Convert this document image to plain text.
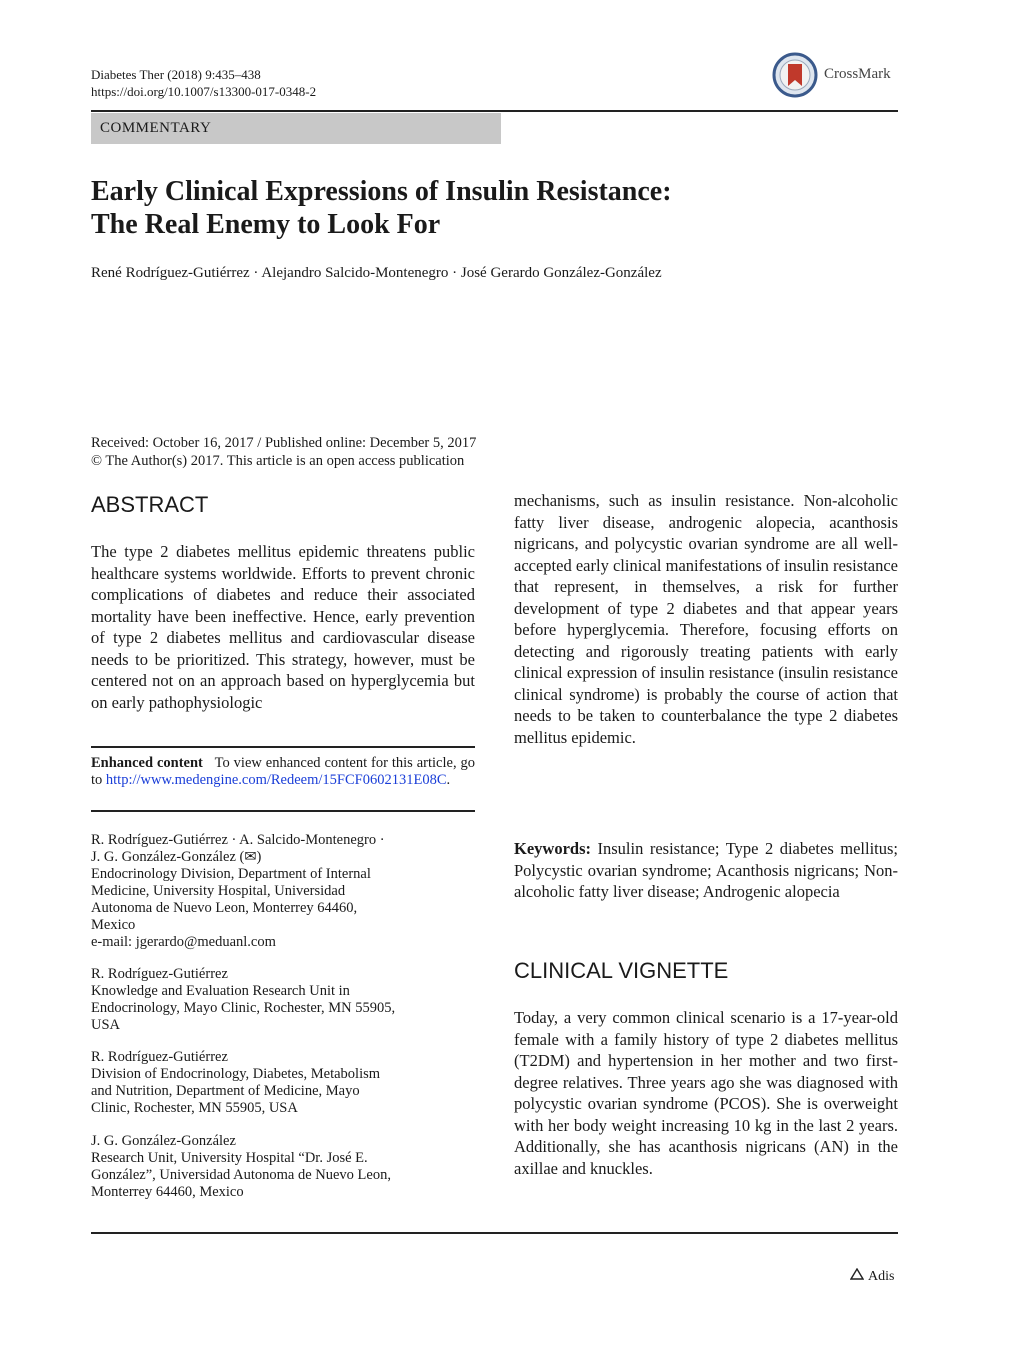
Diabetes Ther (2018) 9:435–438
https://doi.org/10.1007/s13300-017-0348-2
CrossMark
COMMENTARY
Early Clinical Expressions of Insulin Resistance:
The Real Enemy to Look For
René Rodríguez-Gutiérrez · Alejandro Salcido-Montenegro · José Gerardo González-González
Received: October 16, 2017 / Published online: December 5, 2017
© The Author(s) 2017. This article is an open access publication
ABSTRACT

The type 2 diabetes mellitus epidemic threatens public healthcare systems worldwide. Efforts to prevent chronic complications of diabetes and reduce their associated mortality have been ineffective. Hence, early prevention of type 2 diabetes mellitus and cardiovascular disease needs to be prioritized. This strategy, however, must be centered not on an approach based on hyperglycemia but on early pathophysiologic

Enhanced content To view enhanced content for this article, go to http://www.medengine.com/Redeem/15FCF0602131E08C.

R. Rodríguez-Gutiérrez · A. Salcido-Montenegro ·
J. G. González-González (✉)
Endocrinology Division, Department of Internal
Medicine, University Hospital, Universidad
Autonoma de Nuevo Leon, Monterrey 64460,
Mexico
e-mail: jgerardo@meduanl.com
R. Rodríguez-Gutiérrez
Knowledge and Evaluation Research Unit in
Endocrinology, Mayo Clinic, Rochester, MN 55905,
USA
R. Rodríguez-Gutiérrez
Division of Endocrinology, Diabetes, Metabolism
and Nutrition, Department of Medicine, Mayo
Clinic, Rochester, MN 55905, USA
J. G. González-González
Research Unit, University Hospital “Dr. José E.
González”, Universidad Autonoma de Nuevo Leon,
Monterrey 64460, Mexico

mechanisms, such as insulin resistance. Non-alcoholic fatty liver disease, androgenic alopecia, acanthosis nigricans, and polycystic ovarian syndrome are all well-accepted early clinical manifestations of insulin resistance that represent, in themselves, a risk for further development of type 2 diabetes and that appear years before hyperglycemia. Therefore, focusing efforts on detecting and rigorously treating patients with early clinical expression of insulin resistance (insulin resistance clinical syndrome) is probably the course of action that needs to be taken to counterbalance the type 2 diabetes mellitus epidemic.

Keywords: Insulin resistance; Type 2 diabetes mellitus; Polycystic ovarian syndrome; Acanthosis nigricans; Non-alcoholic fatty liver disease; Androgenic alopecia

CLINICAL VIGNETTE

Today, a very common clinical scenario is a 17-year-old female with a family history of type 2 diabetes mellitus (T2DM) and hypertension in her mother and two first-degree relatives. Three years ago she was diagnosed with polycystic ovarian syndrome (PCOS). She is overweight with her body weight increasing 10 kg in the last 2 years. Additionally, she has acanthosis nigricans (AN) in the axillae and knuckles.

Adis
